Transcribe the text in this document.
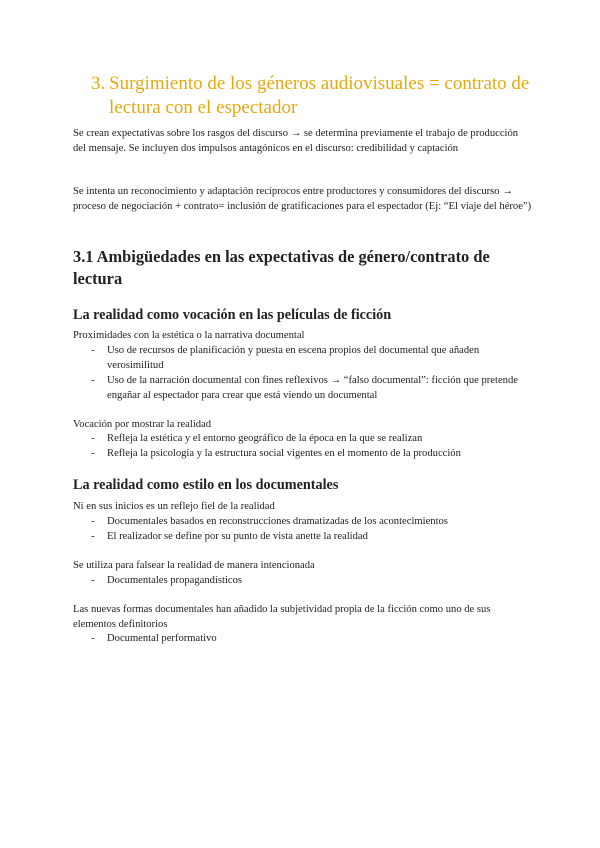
3. Surgimiento de los géneros audiovisuales = contrato de lectura con el espectador

Se crean expectativas sobre los rasgos del discurso → se determina previamente el trabajo de producción del mensaje. Se incluyen dos impulsos antagónicos en el discurso: credibilidad y captación

Se intenta un reconocimiento y adaptación recíprocos entre productores y consumidores del discurso → proceso de negociación + contrato= inclusión de gratificaciones para el espectador (Ej: “El viaje del héroe”)

3.1 Ambigüedades en las expectativas de género/contrato de lectura
La realidad como vocación en las películas de ficción

Proximidades con la estética o la narrativa documental

- Uso de recursos de planificación y puesta en escena propios del documental que añaden verosimilitud
- Uso de la narración documental con fines reflexivos → “falso documental”: ficción que pretende engañar al espectador para crear que está viendo un documental

Vocación por mostrar la realidad

- Refleja la estética y el entorno geográfico de la época en la que se realizan
- Refleja la psicología y la estructura social vigentes en el momento de la producción
La realidad como estilo en los documentales

Ni en sus inicios es un reflejo fiel de la realidad

- Documentales basados en reconstrucciones dramatizadas de los acontecimientos
- El realizador se define por su punto de vista anette la realidad

Se utiliza para falsear la realidad de manera intencionada

- Documentales propagandísticos

Las nuevas formas documentales han añadido la subjetividad propia de la ficción como uno de sus elementos definitorios

- Documental performativo
